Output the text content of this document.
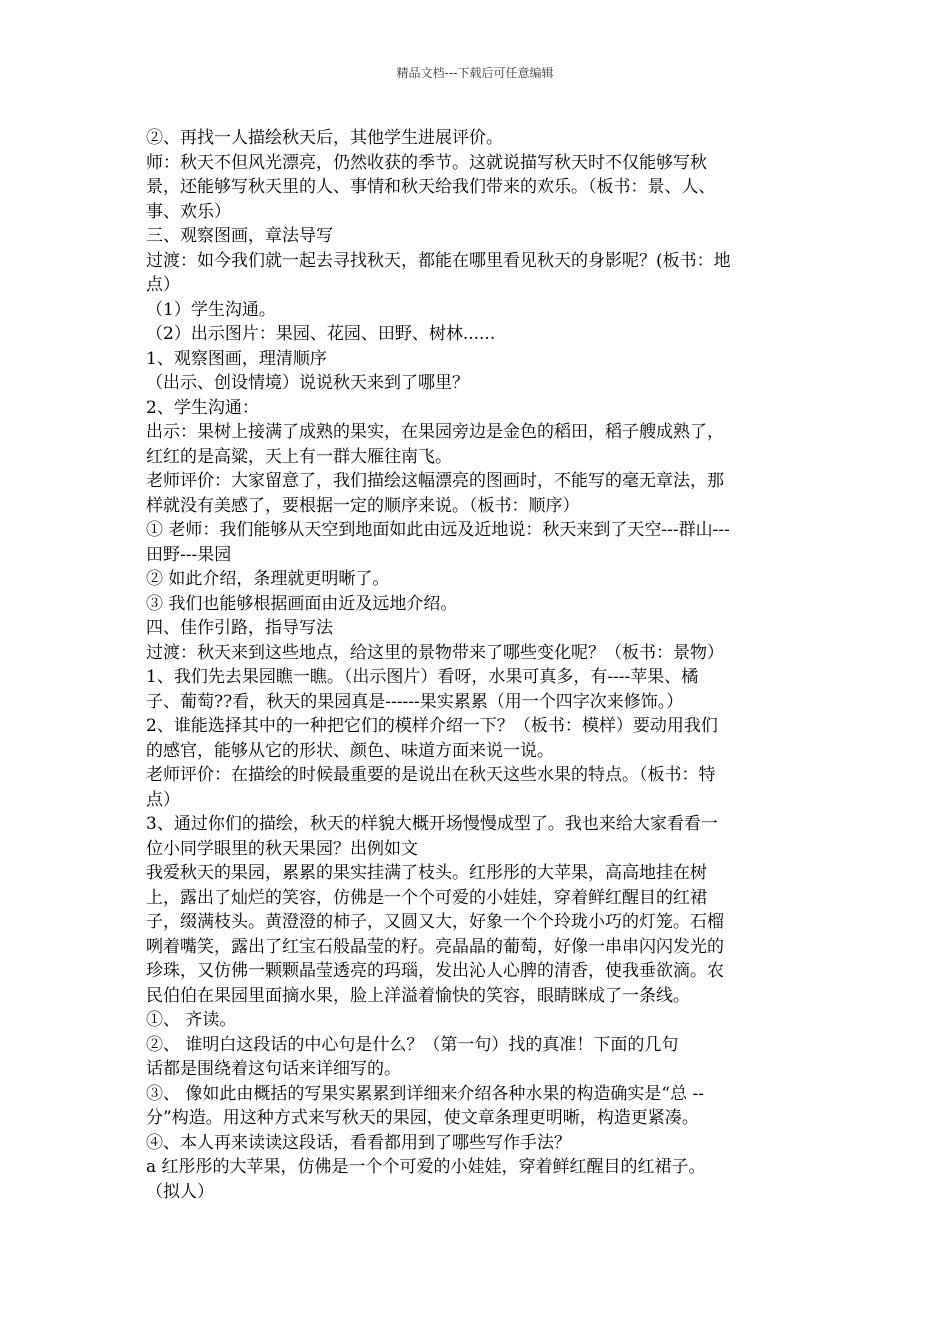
精品文档---下载后可任意编辑
②、再找一人描绘秋天后，其他学生进展评价。
师：秋天不但风光漂亮，仍然收获的季节。这就说描写秋天时不仅能够写秋
景，还能够写秋天里的人、事情和秋天给我们带来的欢乐。（板书：景、人、
事、欢乐）
三、观察图画，章法导写
过渡：如今我们就一起去寻找秋天，都能在哪里看见秋天的身影呢？(板书：地
点）
（1）学生沟通。
（2）出示图片：果园、花园、田野、树林......
1、观察图画，理清顺序
（出示、创设情境）说说秋天来到了哪里？
2、学生沟通：
出示：果树上接满了成熟的果实，在果园旁边是金色的稻田，稻子艘成熟了，
红红的是高粱，天上有一群大雁往南飞。
老师评价：大家留意了，我们描绘这幅漂亮的图画时，不能写的毫无章法，那
样就没有美感了，要根据一定的顺序来说。（板书：顺序）
① 老师：我们能够从天空到地面如此由远及近地说：秋天来到了天空---群山---
田野---果园
② 如此介绍，条理就更明晰了。
③ 我们也能够根据画面由近及远地介绍。
四、佳作引路，指导写法
过渡：秋天来到这些地点，给这里的景物带来了哪些变化呢？（板书：景物）
1、我们先去果园瞧一瞧。（出示图片）看呀，水果可真多，有----苹果、橘
子、葡萄??看，秋天的果园真是------果实累累（用一个四字次来修饰。）
2、谁能选择其中的一种把它们的模样介绍一下？（板书：模样）要动用我们
的感官，能够从它的形状、颜色、味道方面来说一说。
老师评价：在描绘的时候最重要的是说出在秋天这些水果的特点。（板书：特
点）
3、通过你们的描绘，秋天的样貌大概开场慢慢成型了。我也来给大家看看一
位小同学眼里的秋天果园？出例如文
我爱秋天的果园，累累的果实挂满了枝头。红彤彤的大苹果，高高地挂在树
上，露出了灿烂的笑容，仿佛是一个个可爱的小娃娃，穿着鲜红醒目的红裙
子，缀满枝头。黄澄澄的柿子，又圆又大，好象一个个玲珑小巧的灯笼。石榴
咧着嘴笑，露出了红宝石般晶莹的籽。亮晶晶的葡萄，好像一串串闪闪发光的
珍珠，又仿佛一颗颗晶莹透亮的玛瑙，发出沁人心脾的清香，使我垂欲滴。农
民伯伯在果园里面摘水果，脸上洋溢着愉快的笑容，眼睛眯成了一条线。
①、 齐读。
②、 谁明白这段话的中心句是什么？（第一句）找的真准！下面的几句
话都是围绕着这句话来详细写的。
③、 像如此由概括的写果实累累到详细来介绍各种水果的构造确实是“总 --
分”构造。用这种方式来写秋天的果园，使文章条理更明晰，构造更紧凑。
④、本人再来读读这段话，看看都用到了哪些写作手法？
a 红彤彤的大苹果，仿佛是一个个可爱的小娃娃，穿着鲜红醒目的红裙子。
（拟人）
